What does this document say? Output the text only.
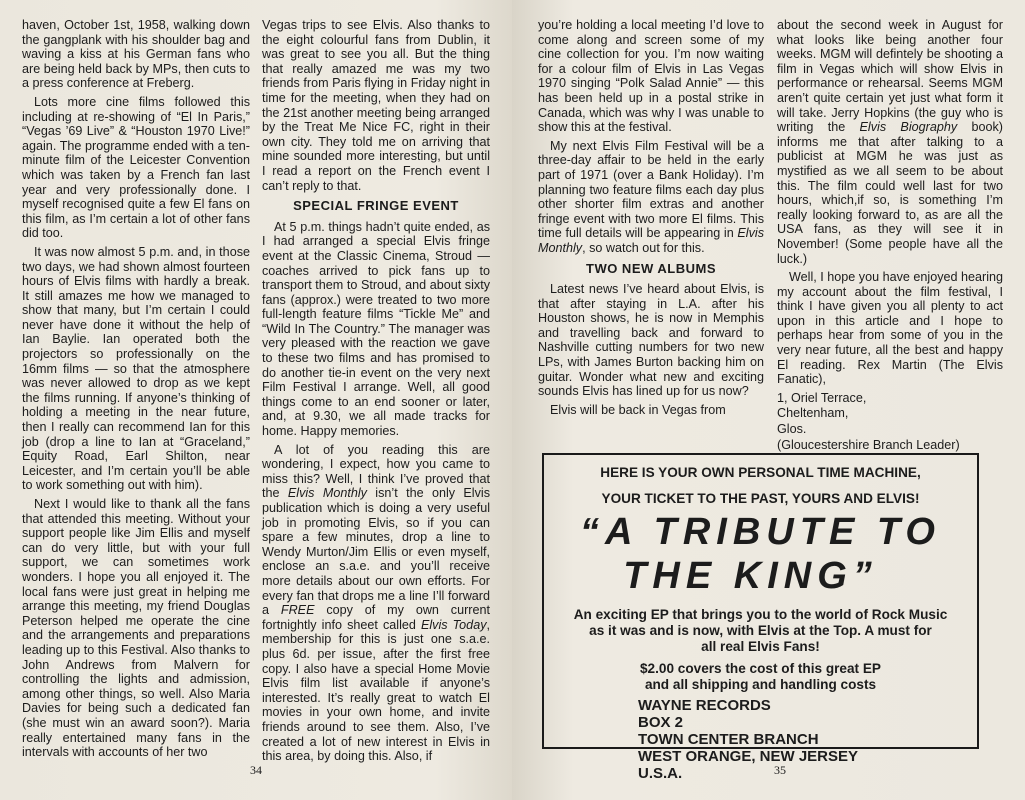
haven, October 1st, 1958, walking down the gangplank with his shoulder bag and waving a kiss at his German fans who are being held back by MPs, then cuts to a press conference at Freberg.

Lots more cine films followed this including at re-showing of “El In Paris,” “Vegas ’69 Live” & “Houston 1970 Live!” again. The programme ended with a ten-minute film of the Leicester Convention which was taken by a French fan last year and very professionally done. I myself recognised quite a few El fans on this film, as I’m certain a lot of other fans did too.

It was now almost 5 p.m. and, in those two days, we had shown almost fourteen hours of Elvis films with hardly a break. It still amazes me how we managed to show that many, but I’m certain I could never have done it without the help of Ian Baylie. Ian operated both the projectors so professionally on the 16mm films — so that the atmosphere was never allowed to drop as we kept the films running. If anyone’s thinking of holding a meeting in the near future, then I really can recommend Ian for this job (drop a line to Ian at “Graceland,” Equity Road, Earl Shilton, near Leicester, and I’m certain you’ll be able to work something out with him).

Next I would like to thank all the fans that attended this meeting. Without your support people like Jim Ellis and myself can do very little, but with your full support, we can sometimes work wonders. I hope you all enjoyed it. The local fans were just great in helping me arrange this meeting, my friend Douglas Peterson helped me operate the cine and the arrangements and preparations leading up to this Festival. Also thanks to John Andrews from Malvern for controlling the lights and admission, among other things, so well. Also Maria Davies for being such a dedicated fan (she must win an award soon?). Maria really entertained many fans in the intervals with accounts of her two

Vegas trips to see Elvis. Also thanks to the eight colourful fans from Dublin, it was great to see you all. But the thing that really amazed me was my two friends from Paris flying in Friday night in time for the meeting, when they had on the 21st another meeting being arranged by the Treat Me Nice FC, right in their own city. They told me on arriving that mine sounded more interesting, but until I read a report on the French event I can’t reply to that.

SPECIAL FRINGE EVENT

At 5 p.m. things hadn’t quite ended, as I had arranged a special Elvis fringe event at the Classic Cinema, Stroud — coaches arrived to pick fans up to transport them to Stroud, and about sixty fans (approx.) were treated to two more full-length feature films “Tickle Me” and “Wild In The Country.” The manager was very pleased with the reaction we gave to these two films and has promised to do another tie-in event on the very next Film Festival I arrange. Well, all good things come to an end sooner or later, and, at 9.30, we all made tracks for home. Happy memories.

A lot of you reading this are wondering, I expect, how you came to miss this? Well, I think I’ve proved that the Elvis Monthly isn’t the only Elvis publication which is doing a very useful job in promoting Elvis, so if you can spare a few minutes, drop a line to Wendy Murton/Jim Ellis or even myself, enclose an s.a.e. and you’ll receive more details about our own efforts. For every fan that drops me a line I’ll forward a FREE copy of my own current fortnightly info sheet called Elvis Today, membership for this is just one s.a.e. plus 6d. per issue, after the first free copy. I also have a special Home Movie Elvis film list available if anyone’s interested. It’s really great to watch El movies in your own home, and invite friends around to see them. Also, I’ve created a lot of new interest in Elvis in this area, by doing this. Also, if

34

you’re holding a local meeting I’d love to come along and screen some of my cine collection for you. I’m now waiting for a colour film of Elvis in Las Vegas 1970 singing “Polk Salad Annie” — this has been held up in a postal strike in Canada, which was why I was unable to show this at the festival.

My next Elvis Film Festival will be a three-day affair to be held in the early part of 1971 (over a Bank Holiday). I’m planning two feature films each day plus other shorter film extras and another fringe event with two more El films. This time full details will be appearing in Elvis Monthly, so watch out for this.

TWO NEW ALBUMS

Latest news I’ve heard about Elvis, is that after staying in L.A. after his Houston shows, he is now in Memphis and travelling back and forward to Nashville cutting numbers for two new LPs, with James Burton backing him on guitar. Wonder what new and exciting sounds Elvis has lined up for us now?

Elvis will be back in Vegas from

about the second week in August for what looks like being another four weeks. MGM will defintely be shooting a film in Vegas which will show Elvis in performance or rehearsal. Seems MGM aren’t quite certain yet just what form it will take. Jerry Hopkins (the guy who is writing the Elvis Biography book) informs me that after talking to a publicist at MGM he was just as mystified as we all seem to be about this. The film could well last for two hours, which,if so, is something I’m really looking forward to, as are all the USA fans, as they will see it in November! (Some people have all the luck.)

Well, I hope you have enjoyed hearing my account about the film festival, I think I have given you all plenty to act upon in this article and I hope to perhaps hear from some of you in the very near future, all the best and happy El reading. Rex Martin (The Elvis Fanatic),

1, Oriel Terrace,

Cheltenham,

Glos.

(Gloucestershire Branch Leader)

HERE IS YOUR OWN PERSONAL TIME MACHINE,
YOUR TICKET TO THE PAST, YOURS AND ELVIS!
“A TRIBUTE TO
THE KING”
An exciting EP that brings you to the world of Rock Music
as it was and is now, with Elvis at the Top. A must for
all real Elvis Fans!
$2.00 covers the cost of this great EP
and all shipping and handling costs
WAYNE RECORDS
BOX 2
TOWN CENTER BRANCH
WEST ORANGE, NEW JERSEY
U.S.A.	35
